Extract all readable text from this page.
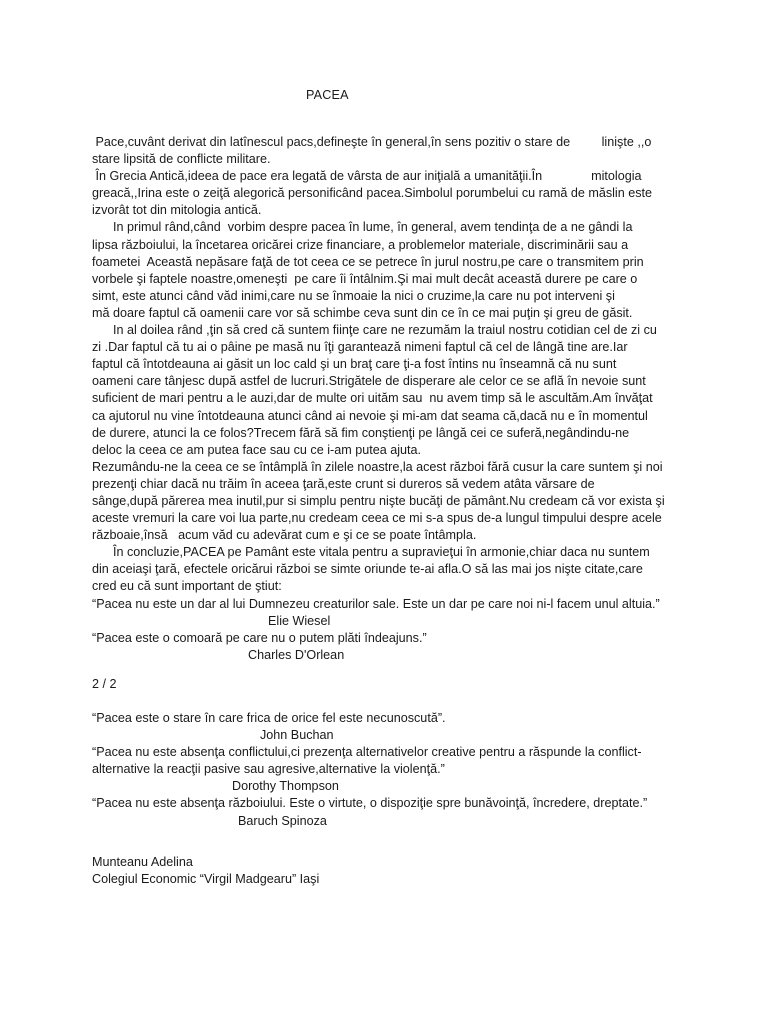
PACEA
Pace,cuvânt derivat din latînescul pacs,defineşte în general,în sens pozitiv o stare de         linişte ,,o
stare lipsită de conflicte militare.
În Grecia Antică,ideea de pace era legată de vârsta de aur iniţială a umanităţii.În              mitologia
greacă,,Irina este o zeiţă alegorică personificând pacea.Simbolul porumbelui cu ramă de măslin este
izvorât tot din mitologia antică.
In primul rând,când  vorbim despre pacea în lume, în general, avem tendinţa de a ne gândi la
lipsa războiului, la încetarea oricărei crize financiare, a problemelor materiale, discriminării sau a
foametei  Această nepăsare faţă de tot ceea ce se petrece în jurul nostru,pe care o transmitem prin
vorbele şi faptele noastre,omeneşti  pe care îi întâlnim.Şi mai mult decât această durere pe care o
simt, este atunci când văd inimi,care nu se înmoaie la nici o cruzime,la care nu pot interveni şi
mă doare faptul că oamenii care vor să schimbe ceva sunt din ce în ce mai puţin şi greu de găsit.
In al doilea rând ,ţin să cred că suntem fiinţe care ne rezumăm la traiul nostru cotidian cel de zi cu
zi .Dar faptul că tu ai o pâine pe masă nu îţi garantează nimeni faptul că cel de lângă tine are.Iar
faptul că întotdeauna ai găsit un loc cald şi un braţ care ţi-a fost întins nu înseamnă că nu sunt
oameni care tânjesc după astfel de lucruri.Strigătele de disperare ale celor ce se află în nevoie sunt
suficient de mari pentru a le auzi,dar de multe ori uităm sau  nu avem timp să le ascultăm.Am învăţat
ca ajutorul nu vine întotdeauna atunci când ai nevoie şi mi-am dat seama că,dacă nu e în momentul
de durere, atunci la ce folos?Trecem fără să fim conştienţi pe lângă cei ce suferă,negândindu-ne
deloc la ceea ce am putea face sau cu ce i-am putea ajuta.
Rezumându-ne la ceea ce se întâmplă în zilele noastre,la acest război fără cusur la care suntem şi noi
prezenţi chiar dacă nu trăim în aceea ţară,este crunt si dureros să vedem atâta vărsare de
sânge,după părerea mea inutil,pur si simplu pentru nişte bucăţi de pământ.Nu credeam că vor exista şi
aceste vremuri la care voi lua parte,nu credeam ceea ce mi s-a spus de-a lungul timpului despre acele
războaie,însă   acum văd cu adevărat cum e şi ce se poate întâmpla.
În concluzie,PACEA pe Pamânt este vitala pentru a supravieţui în armonie,chiar daca nu suntem
din aceiaşi ţară, efectele oricărui război se simte oriunde te-ai afla.O să las mai jos nişte citate,care
cred eu că sunt important de ştiut:
“Pacea nu este un dar al lui Dumnezeu creaturilor sale. Este un dar pe care noi ni-l facem unul altuia.”
Elie Wiesel
“Pacea este o comoară pe care nu o putem plăti îndeajuns.”
Charles D'Orlean
2 / 2
“Pacea este o stare în care frica de orice fel este necunoscută”.
John Buchan
“Pacea nu este absenţa conflictului,ci prezenţa alternativelor creative pentru a răspunde la conflict-
alternative la reacţii pasive sau agresive,alternative la violenţă.”
Dorothy Thompson
“Pacea nu este absenţa războiului. Este o virtute, o dispoziţie spre bunăvoinţă, încredere, dreptate.”
Baruch Spinoza
Munteanu Adelina
Colegiul Economic “Virgil Madgearu” Iaşi
